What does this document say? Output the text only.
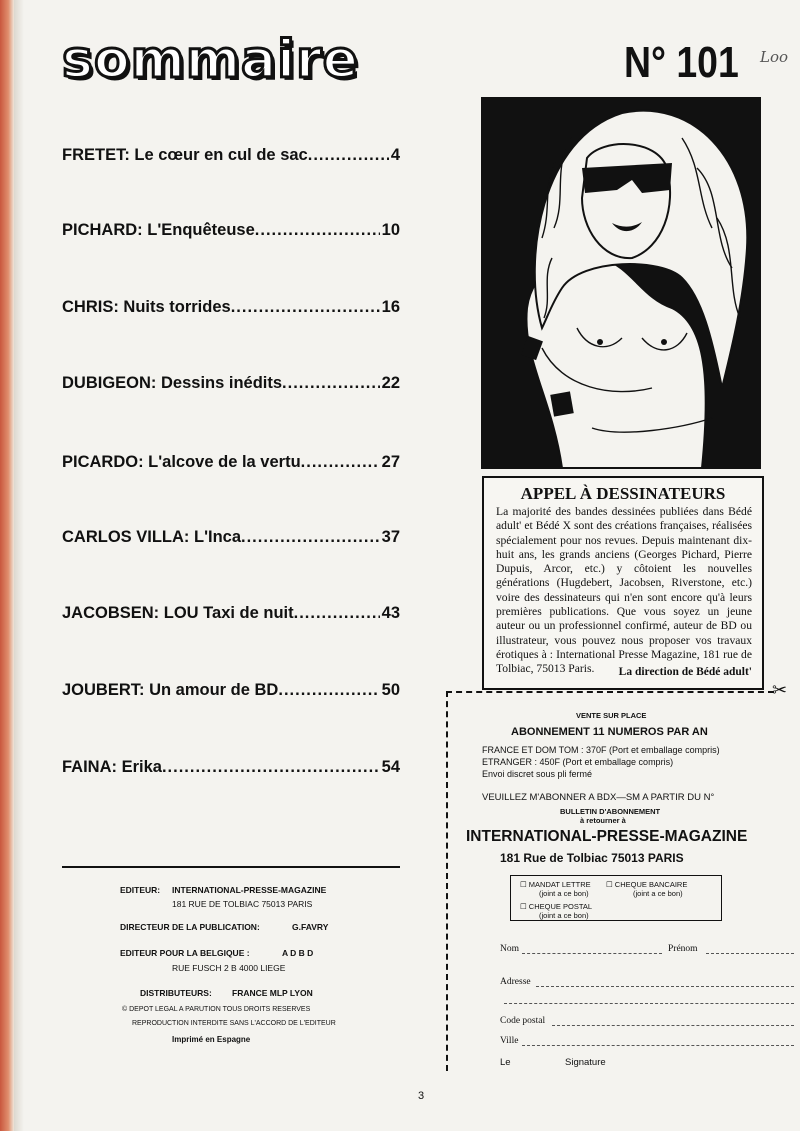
sommaire	N° 101 Loo
FRETET: Le cœur en cul de sac .....	4
PICHARD: L'Enquêteuse .....	10
CHRIS: Nuits torrides .....	16
DUBIGEON: Dessins inédits .....	22
PICARDO: L'alcove de la vertu .....	27
CARLOS VILLA: L'Inca .....	37
JACOBSEN: LOU Taxi de nuit .....	43
JOUBERT: Un amour de BD .....	50
FAINA: Erika .....	54
EDITEUR: INTERNATIONAL-PRESSE-MAGAZINE
181 RUE DE TOLBIAC 75013 PARIS
DIRECTEUR DE LA PUBLICATION:	G.FAVRY
EDITEUR POUR LA BELGIQUE :	A D B D
RUE FUSCH 2 B 4000 LIEGE
DISTRIBUTEURS: FRANCE MLP LYON
© DEPOT LEGAL A PARUTION TOUS DROITS RESERVES
REPRODUCTION INTERDITE SANS L'ACCORD DE L'EDITEUR
Imprimé en Espagne
APPEL À DESSINATEURS
La majorité des bandes dessinées publiées dans Bédé adult' et Bédé X sont des créations françaises, réalisées spécialement pour nos revues. Depuis maintenant dix-huit ans, les grands anciens (Georges Pichard, Pierre Dupuis, Arcor, etc.) y côtoient les nouvelles générations (Hugdebert, Jacobsen, Riverstone, etc.) voire des dessinateurs qui n'en sont encore qu'à leurs premières publications. Que vous soyez un jeune auteur ou un professionnel confirmé, auteur de BD ou illustrateur, vous pouvez nous proposer vos travaux érotiques à : International Presse Magazine, 181 rue de Tolbiac, 75013 Paris.	La direction de Bédé adult'
✂
VENTE SUR PLACE
ABONNEMENT 11 NUMEROS PAR AN
FRANCE ET DOM TOM : 370F (Port et emballage compris)
ETRANGER : 450F (Port et emballage compris)
Envoi discret sous pli fermé
VEUILLEZ M'ABONNER A BDX—SM A PARTIR DU N°
BULLETIN D'ABONNEMENT
à retourner à
INTERNATIONAL-PRESSE-MAGAZINE
181 Rue de Tolbiac 75013 PARIS
☐ MANDAT LETTRE
(joint a ce bon)
☐ CHEQUE BANCAIRE
(joint a ce bon)
☐ CHEQUE POSTAL
(joint a ce bon)
Nom	Prénom
Adresse
Code postal
Ville
Le	Signature
3
